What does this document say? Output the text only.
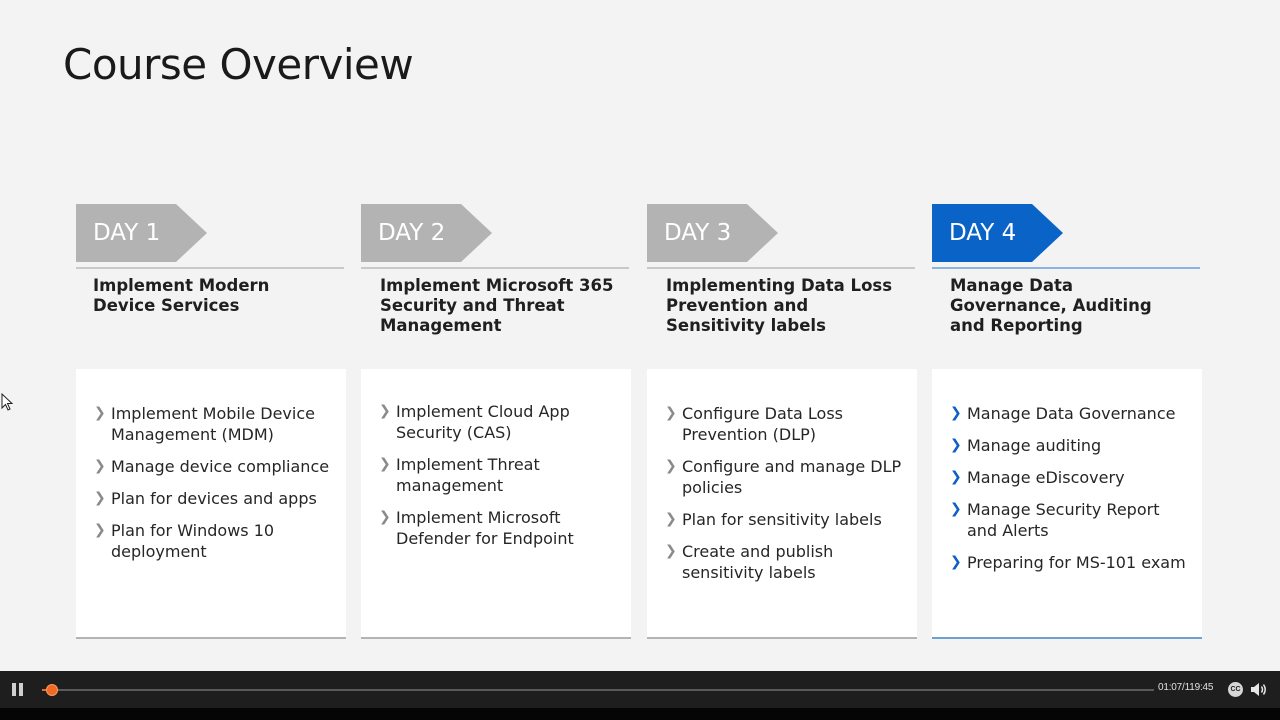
Course Overview
DAY 1
Implement Modern Device Services
❯ Implement Mobile Device Management (MDM)
❯ Manage device compliance
❯ Plan for devices and apps
❯ Plan for Windows 10 deployment
DAY 2
Implement Microsoft 365 Security and Threat Management
❯ Implement Cloud App Security (CAS)
❯ Implement Threat management
❯ Implement Microsoft Defender for Endpoint
DAY 3
Implementing Data Loss Prevention and Sensitivity labels
❯ Configure Data Loss Prevention (DLP)
❯ Configure and manage DLP policies
❯ Plan for sensitivity labels
❯ Create and publish sensitivity labels
DAY 4
Manage Data Governance, Auditing and Reporting
❯ Manage Data Governance
❯ Manage auditing
❯ Manage eDiscovery
❯ Manage Security Report and Alerts
❯ Preparing for MS-101 exam
01:07/119:45	CC
